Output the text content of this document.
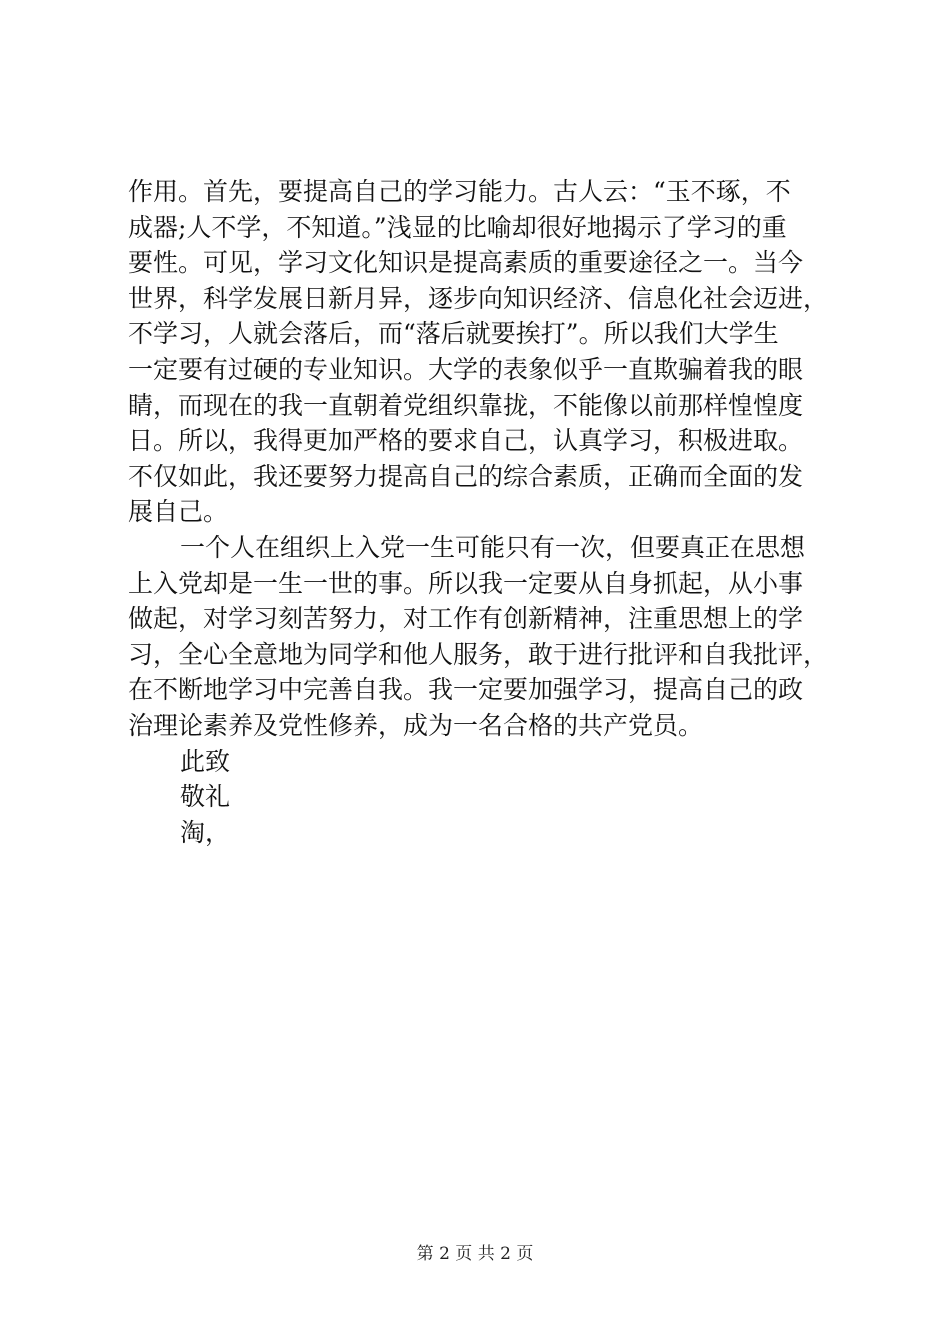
作用。首先，要提高自己的学习能力。古人云：“玉不琢，不
成器;人不学，不知道。”浅显的比喻却很好地揭示了学习的重
要性。可见，学习文化知识是提高素质的重要途径之一。当今
世界，科学发展日新月异，逐步向知识经济、信息化社会迈进，
不学习，人就会落后，而“落后就要挨打”。所以我们大学生
一定要有过硬的专业知识。大学的表象似乎一直欺骗着我的眼
睛，而现在的我一直朝着党组织靠拢，不能像以前那样惶惶度
日。所以，我得更加严格的要求自己，认真学习，积极进取。
不仅如此，我还要努力提高自己的综合素质，正确而全面的发
展自己。
一个人在组织上入党一生可能只有一次，但要真正在思想
上入党却是一生一世的事。所以我一定要从自身抓起，从小事
做起，对学习刻苦努力，对工作有创新精神，注重思想上的学
习，全心全意地为同学和他人服务，敢于进行批评和自我批评，
在不断地学习中完善自我。我一定要加强学习，提高自己的政
治理论素养及党性修养，成为一名合格的共产党员。
此致
敬礼
淘，
第 2 页 共 2 页
